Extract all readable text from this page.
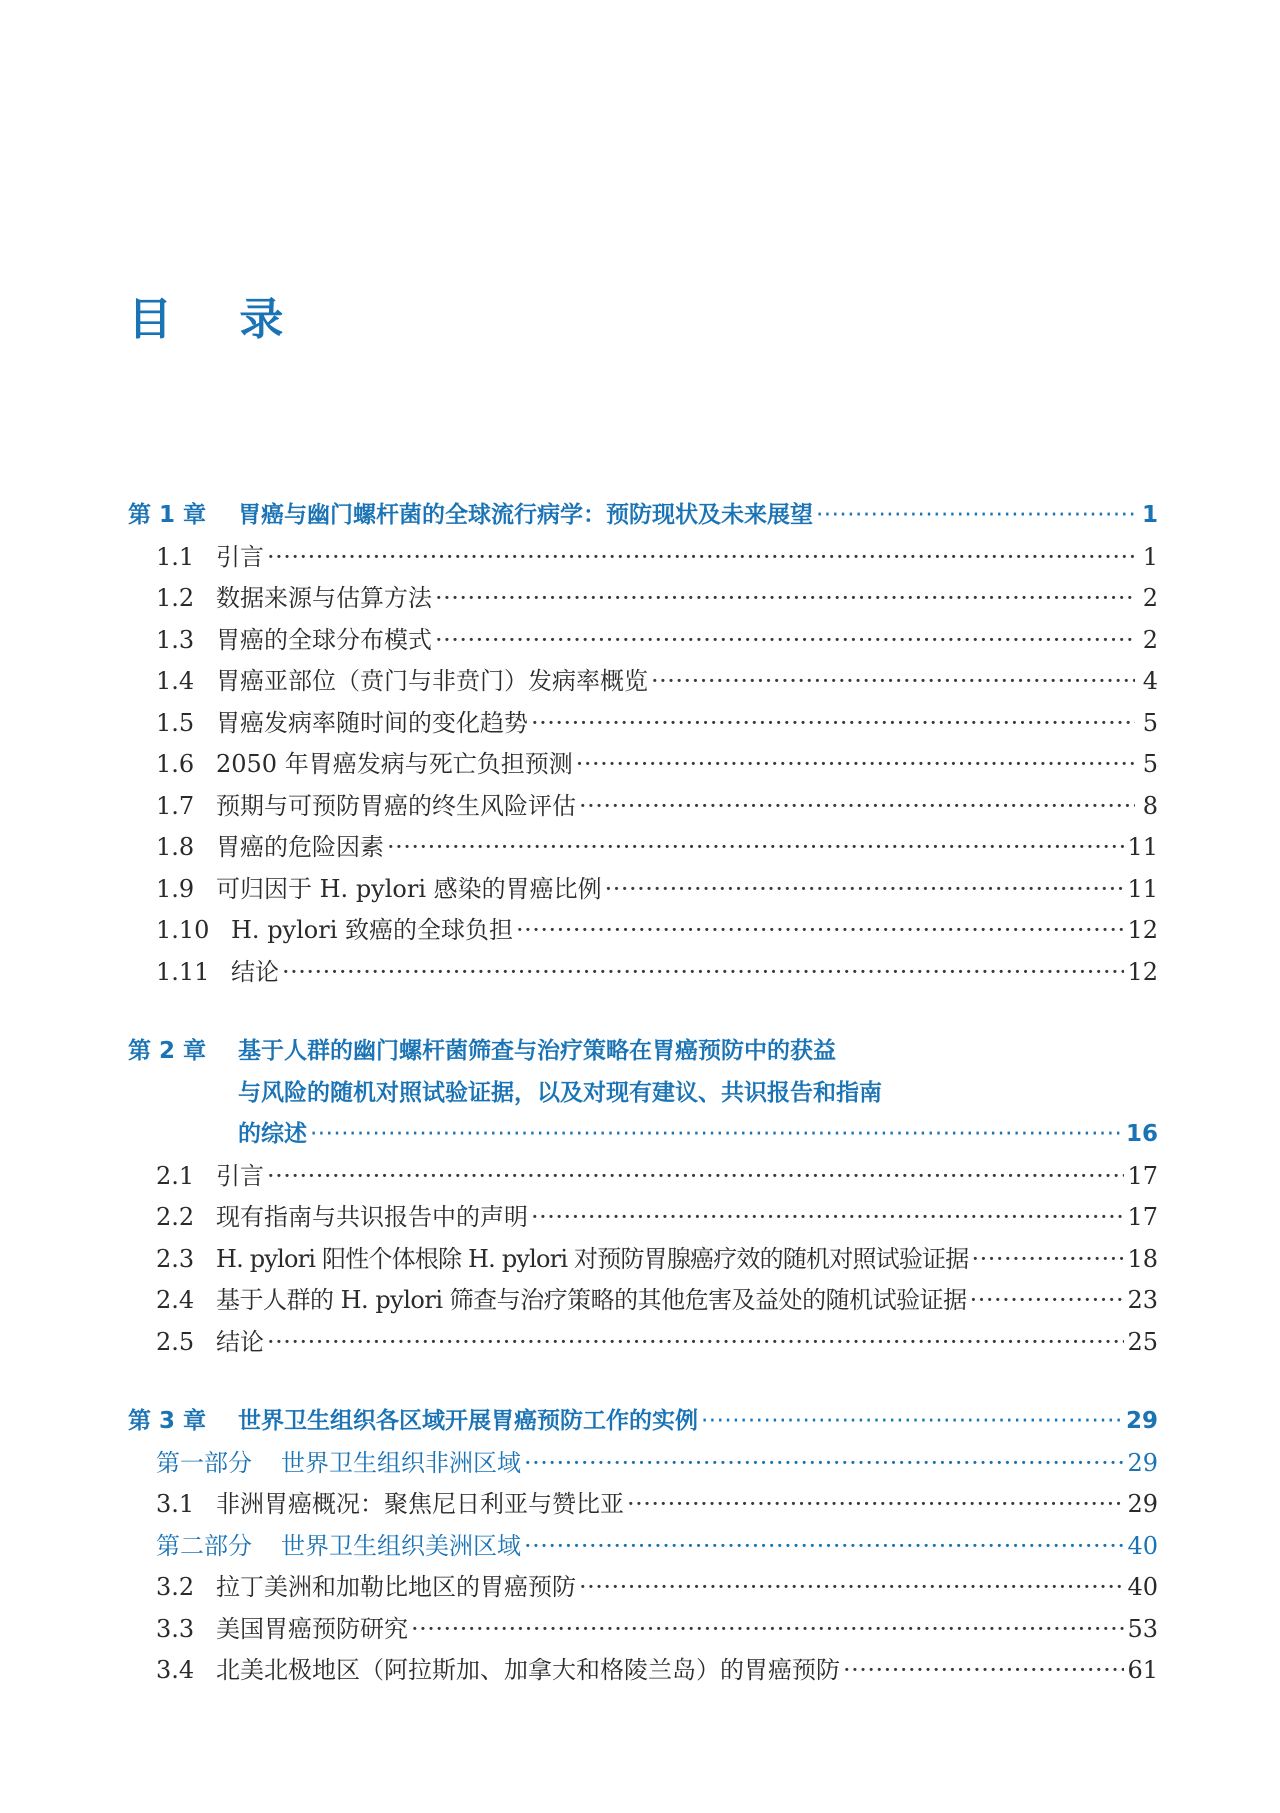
目 录
第 1 章	胃癌与幽门螺杆菌的全球流行病学：预防现状及未来展望 ·····	1
1.1 引言 ·····	1
1.2 数据来源与估算方法 ·····	2
1.3 胃癌的全球分布模式 ·····	2
1.4 胃癌亚部位（贲门与非贲门）发病率概览 ·····	4
1.5 胃癌发病率随时间的变化趋势 ·····	5
1.6 2050 年胃癌发病与死亡负担预测 ·····	5
1.7 预期与可预防胃癌的终生风险评估 ·····	8
1.8 胃癌的危险因素 ·····	11
1.9 可归因于 H. pylori 感染的胃癌比例 ·····	11
1.10 H. pylori 致癌的全球负担 ·····	12
1.11 结论 ·····	12
第 2 章	基于人群的幽门螺杆菌筛查与治疗策略在胃癌预防中的获益
与风险的随机对照试验证据，以及对现有建议、共识报告和指南
的综述 ·····	16
2.1 引言 ·····	17
2.2 现有指南与共识报告中的声明 ·····	17
2.3 H. pylori 阳性个体根除 H. pylori 对预防胃腺癌疗效的随机对照试验证据 ·····	18
2.4 基于人群的 H. pylori 筛查与治疗策略的其他危害及益处的随机试验证据 ·····	23
2.5 结论 ·····	25
第 3 章	世界卫生组织各区域开展胃癌预防工作的实例 ·····	29
第一部分	世界卫生组织非洲区域 ·····	29
3.1 非洲胃癌概况：聚焦尼日利亚与赞比亚 ·····	29
第二部分	世界卫生组织美洲区域 ·····	40
3.2 拉丁美洲和加勒比地区的胃癌预防 ·····	40
3.3 美国胃癌预防研究 ·····	53
3.4 北美北极地区（阿拉斯加、加拿大和格陵兰岛）的胃癌预防 ·····	61
